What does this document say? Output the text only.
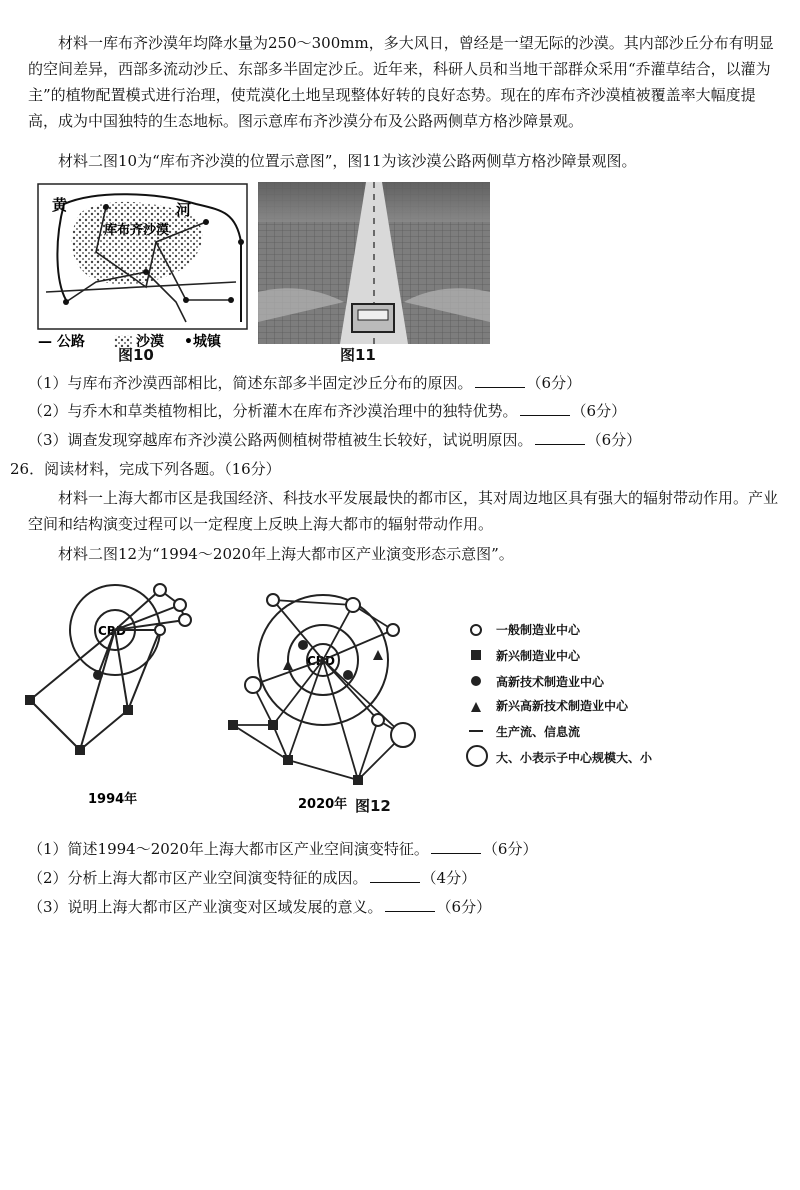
材料一库布齐沙漠年均降水量为250～300mm，多大风日，曾经是一望无际的沙漠。其内部沙丘分布有明显的空间差异，西部多流动沙丘、东部多半固定沙丘。近年来，科研人员和当地干部群众采用“乔灌草结合，以灌为主”的植物配置模式进行治理，使荒漠化土地呈现整体好转的良好态势。现在的库布齐沙漠植被覆盖率大幅度提高，成为中国独特的生态地标。图示意库布齐沙漠分布及公路两侧草方格沙障景观。

材料二图10为“库布齐沙漠的位置示意图”，图11为该沙漠公路两侧草方格沙障景观图。

黄	河
库布齐沙漠
— 公路	沙漠 •城镇
图10	图11
（1）与库布齐沙漠西部相比，简述东部多半固定沙丘分布的原因。	（6分）
（2）与乔木和草类植物相比，分析灌木在库布齐沙漠治理中的独特优势。	（6分）
（3）调查发现穿越库布齐沙漠公路两侧植树带植被生长较好，试说明原因。	（6分）
26．阅读材料，完成下列各题。（16分）

材料一上海大都市区是我国经济、科技水平发展最快的都市区，其对周边地区具有强大的辐射带动作用。产业空间和结构演变过程可以一定程度上反映上海大都市的辐射带动作用。

材料二图12为“1994～2020年上海大都市区产业演变形态示意图”。

CBD
1994年
CBD
2020年 图12
一般制造业中心
新兴制造业中心
高新技术制造业中心
新兴高新技术制造业中心
生产流、信息流
大、小表示子中心规模大、小
（1）简述1994～2020年上海大都市区产业空间演变特征。	（6分）
（2）分析上海大都市区产业空间演变特征的成因。	（4分）
（3）说明上海大都市区产业演变对区域发展的意义。	（6分）
